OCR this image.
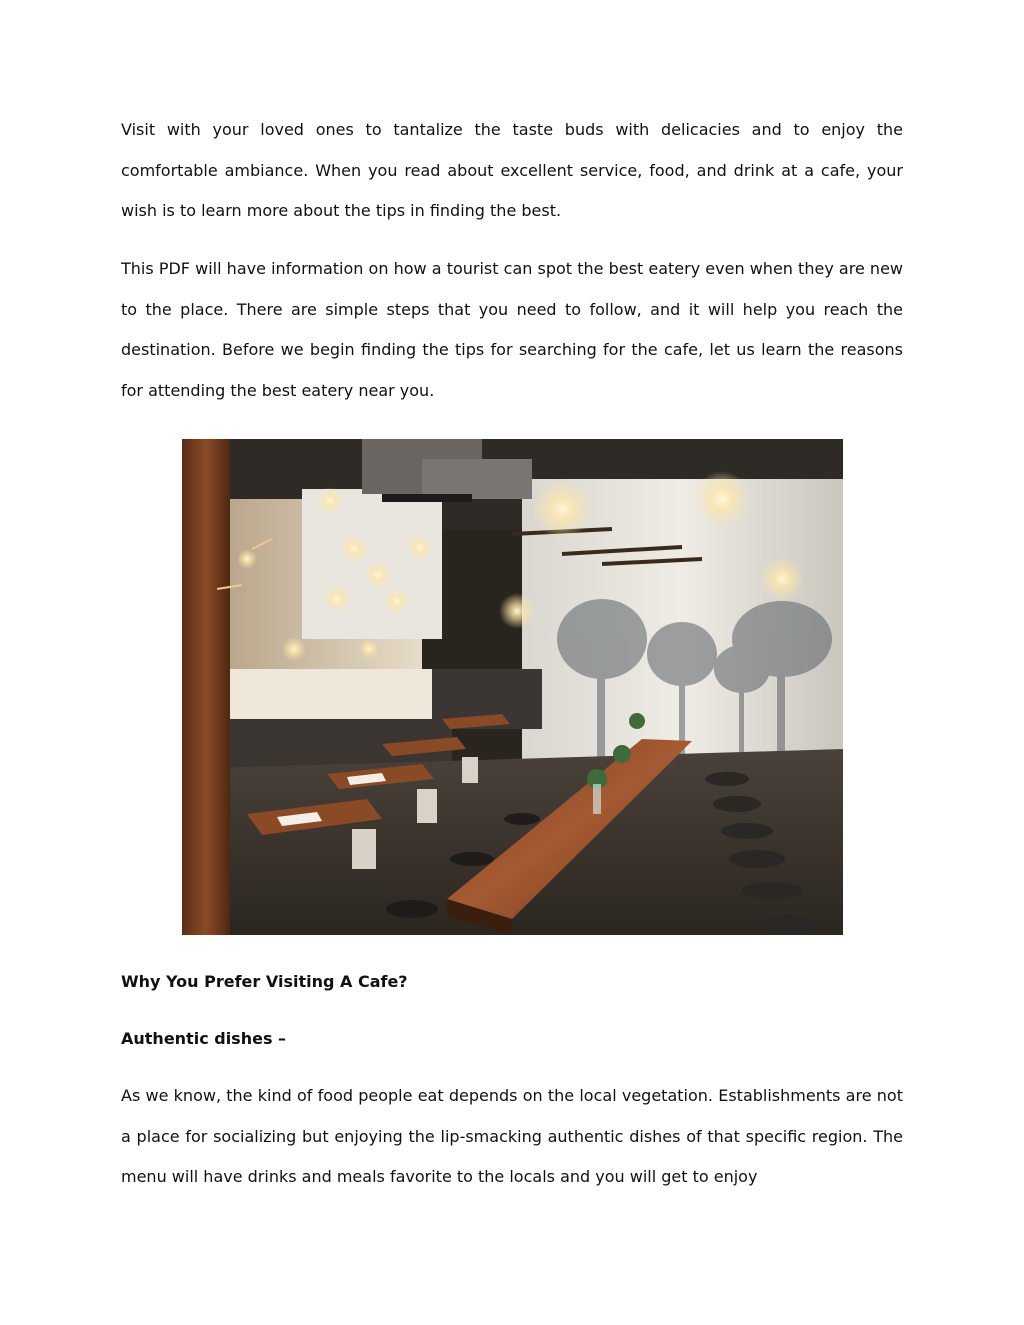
Visit with your loved ones to tantalize the taste buds with delicacies and to enjoy the comfortable ambiance. When you read about excellent service, food, and drink at a cafe, your wish is to learn more about the tips in finding the best.

This PDF will have information on how a tourist can spot the best eatery even when they are new to the place. There are simple steps that you need to follow, and it will help you reach the destination. Before we begin finding the tips for searching for the cafe, let us learn the reasons for attending the best eatery near you.

Why You Prefer Visiting A Cafe?
Authentic dishes –

As we know, the kind of food people eat depends on the local vegetation. Establishments are not a place for socializing but enjoying the lip-smacking authentic dishes of that specific region. The menu will have drinks and meals favorite to the locals and you will get to enjoy
